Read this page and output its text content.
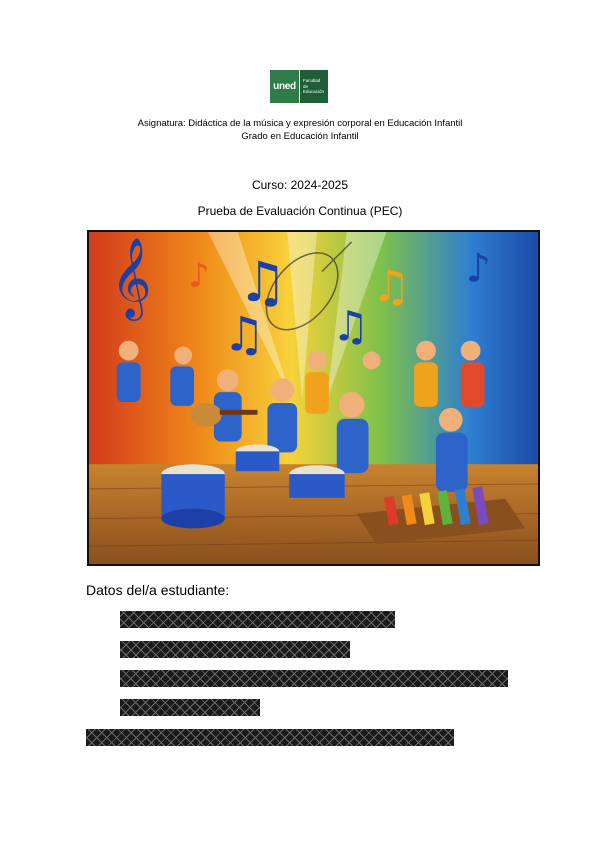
uned
Facultad
de Educación
Asignatura: Didáctica de la música y expresión corporal en Educación Infantil
Grado en Educación Infantil
Curso: 2024-2025
Prueba de Evaluación Continua (PEC)
𝄞 ♫
♫ ♫
♫ ♪
♪
Datos del/a estudiante:
